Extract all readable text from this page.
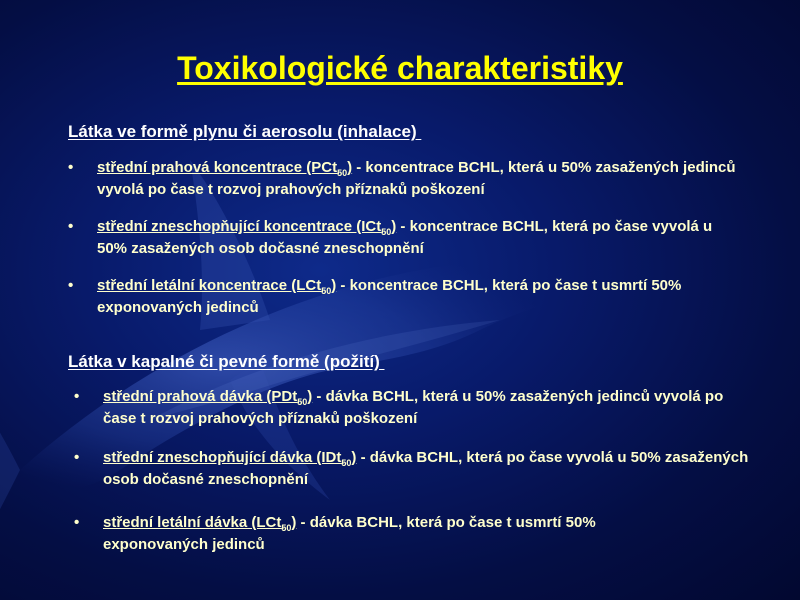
Toxikologické charakteristiky
Látka ve formě plynu či aerosolu (inhalace)
• střední prahová koncentrace (PCt$_{50}$) - koncentrace BCHL, která u 50% zasažených jedinců vyvolá po čase t rozvoj prahových příznaků poškození
• střední zneschopňující koncentrace (ICt$_{50}$) - koncentrace BCHL, která po čase vyvolá u 50% zasažených osob dočasné zneschopnění
• střední letální koncentrace (LCt$_{50}$) - koncentrace BCHL, která po čase t usmrtí 50% exponovaných jedinců
Látka v kapalné či pevné formě (požití)
• střední prahová dávka (PDt$_{50}$) - dávka BCHL, která u 50% zasažených jedinců vyvolá po čase t rozvoj prahových příznaků poškození
• střední zneschopňující dávka (IDt$_{50}$) - dávka BCHL, která po čase vyvolá u 50% zasažených osob dočasné zneschopnění
• střední letální dávka (LCt$_{50}$) - dávka BCHL, která po čase t usmrtí 50% exponovaných jedinců
